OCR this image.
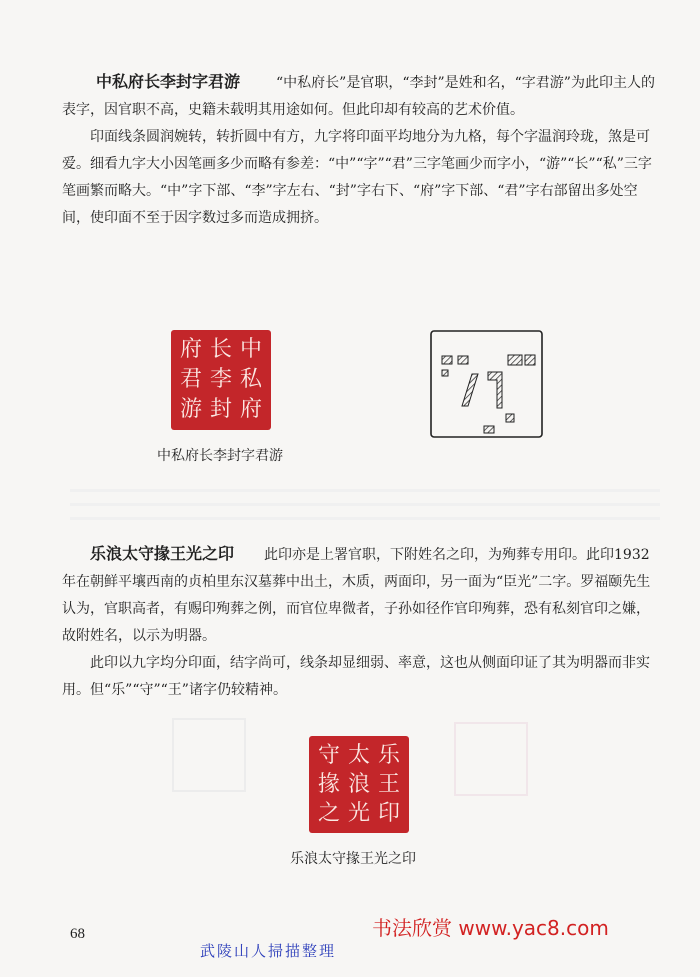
中私府长李封字君游	“中私府长”是官职，“李封”是姓和名，“字君游”为此印主人的表字，因官职不高，史籍未载明其用途如何。但此印却有较高的艺术价值。

印面线条圆润婉转，转折圆中有方，九字将印面平均地分为九格，每个字温润玲珑，煞是可爱。细看九字大小因笔画多少而略有参差：“中”“字”“君”三字笔画少而字小，“游”“长”“私”三字笔画繁而略大。“中”字下部、“李”字左右、“封”字右下、“府”字下部、“君”字右部留出多处空间，使印面不至于因字数过多而造成拥挤。

府 长 中
君 李 私
游 封 府
中私府长李封字君游

乐浪太守掾王光之印 此印亦是上署官职，下附姓名之印，为殉葬专用印。此印1932年在朝鲜平壤西南的贞柏里东汉墓葬中出土，木质，两面印，另一面为“臣光”二字。罗福颐先生认为，官职高者，有赐印殉葬之例，而官位卑微者，子孙如径作官印殉葬，恐有私刻官印之嫌，故附姓名，以示为明器。

此印以九字均分印面，结字尚可，线条却显细弱、率意，这也从侧面印证了其为明器而非实用。但“乐”“守”“王”诸字仍较精神。

守 太 乐
掾 浪 王
之 光 印
乐浪太守掾王光之印
68
武陵山人掃描整理
书法欣赏 www.yac8.com
